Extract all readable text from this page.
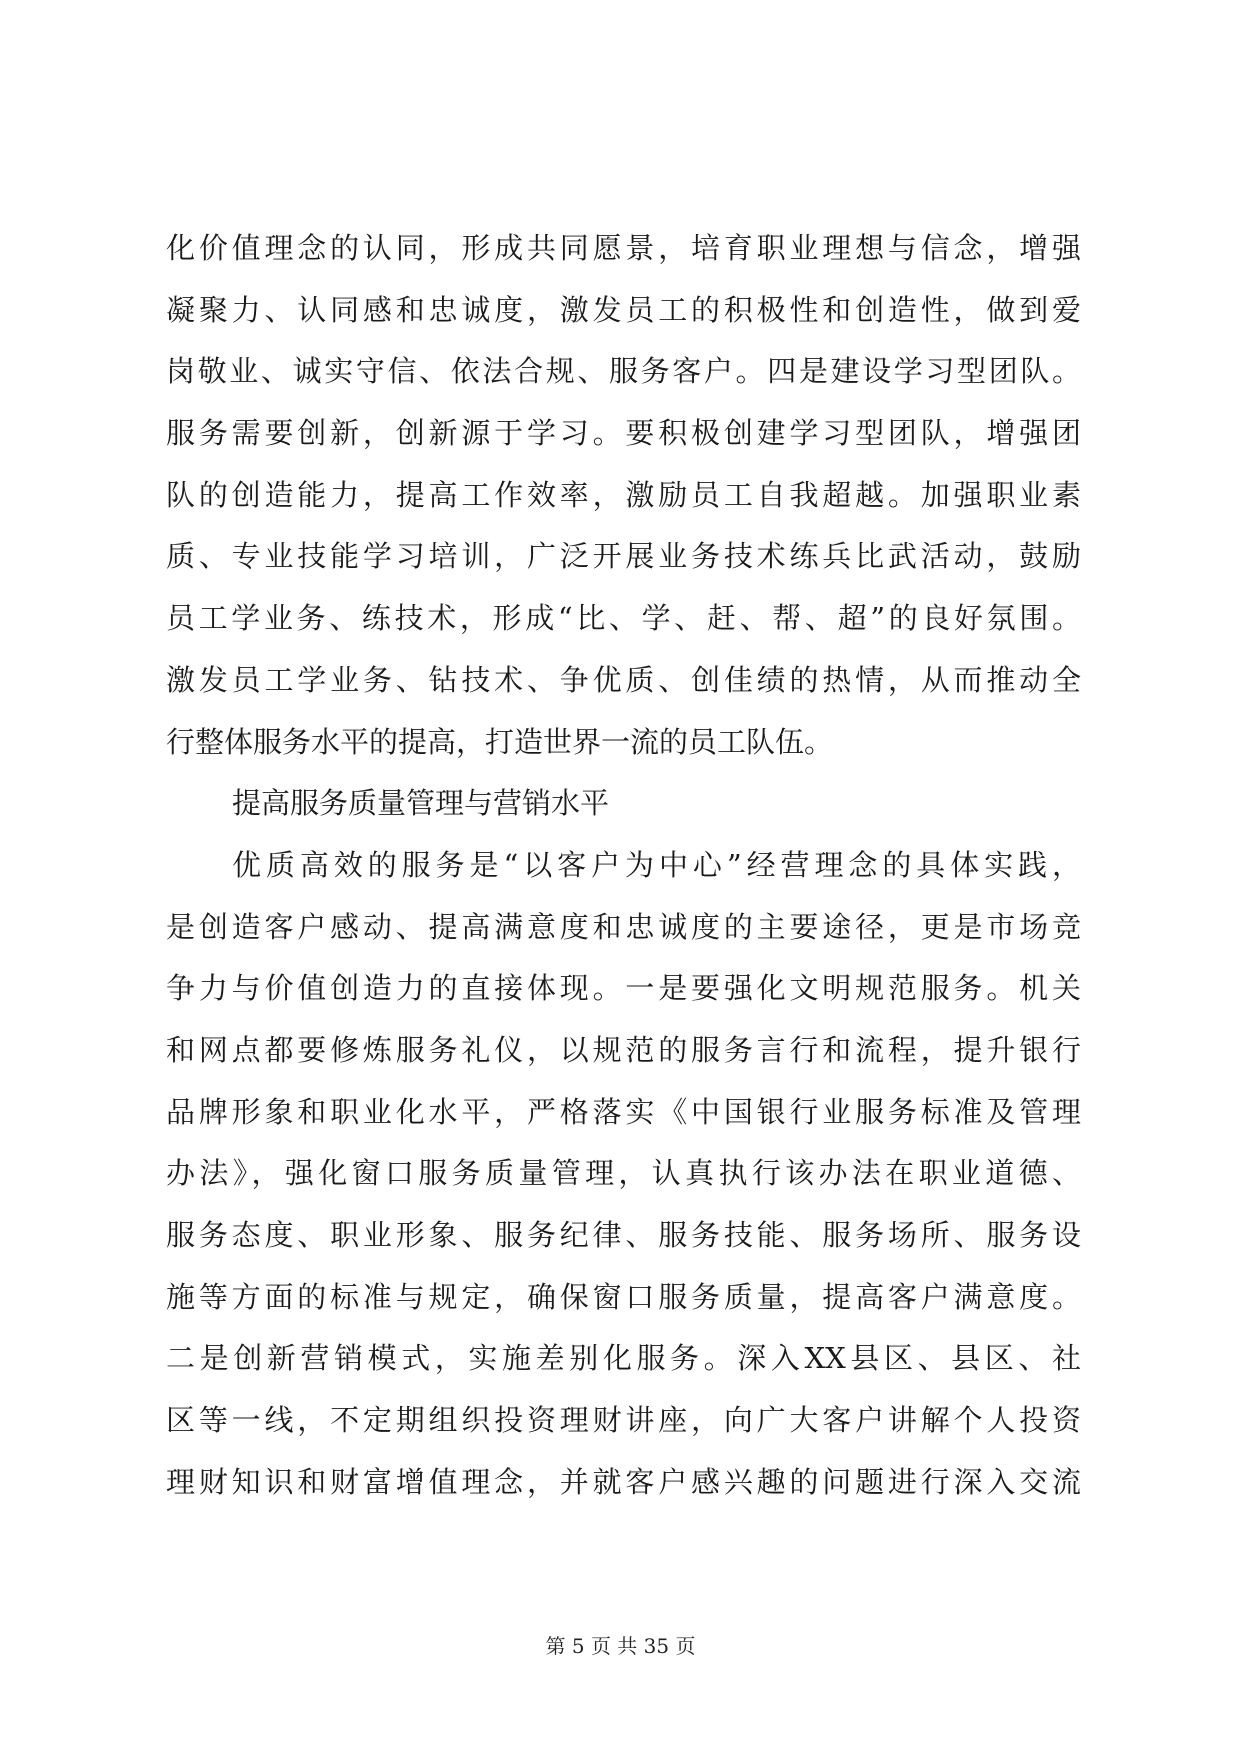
化价值理念的认同，形成共同愿景，培育职业理想与信念，增强
凝聚力、认同感和忠诚度，激发员工的积极性和创造性，做到爱
岗敬业、诚实守信、依法合规、服务客户。四是建设学习型团队。
服务需要创新，创新源于学习。要积极创建学习型团队，增强团
队的创造能力，提高工作效率，激励员工自我超越。加强职业素
质、专业技能学习培训，广泛开展业务技术练兵比武活动，鼓励
员工学业务、练技术，形成“比、学、赶、帮、超”的良好氛围。
激发员工学业务、钻技术、争优质、创佳绩的热情，从而推动全
行整体服务水平的提高，打造世界一流的员工队伍。
提高服务质量管理与营销水平
优质高效的服务是“以客户为中心”经营理念的具体实践，
是创造客户感动、提高满意度和忠诚度的主要途径，更是市场竞
争力与价值创造力的直接体现。一是要强化文明规范服务。机关
和网点都要修炼服务礼仪，以规范的服务言行和流程，提升银行
品牌形象和职业化水平，严格落实《中国银行业服务标准及管理
办法》，强化窗口服务质量管理，认真执行该办法在职业道德、
服务态度、职业形象、服务纪律、服务技能、服务场所、服务设
施等方面的标准与规定，确保窗口服务质量，提高客户满意度。
二是创新营销模式，实施差别化服务。深入XX县区、县区、社
区等一线，不定期组织投资理财讲座，向广大客户讲解个人投资
理财知识和财富增值理念，并就客户感兴趣的问题进行深入交流
第 5 页 共 35 页
